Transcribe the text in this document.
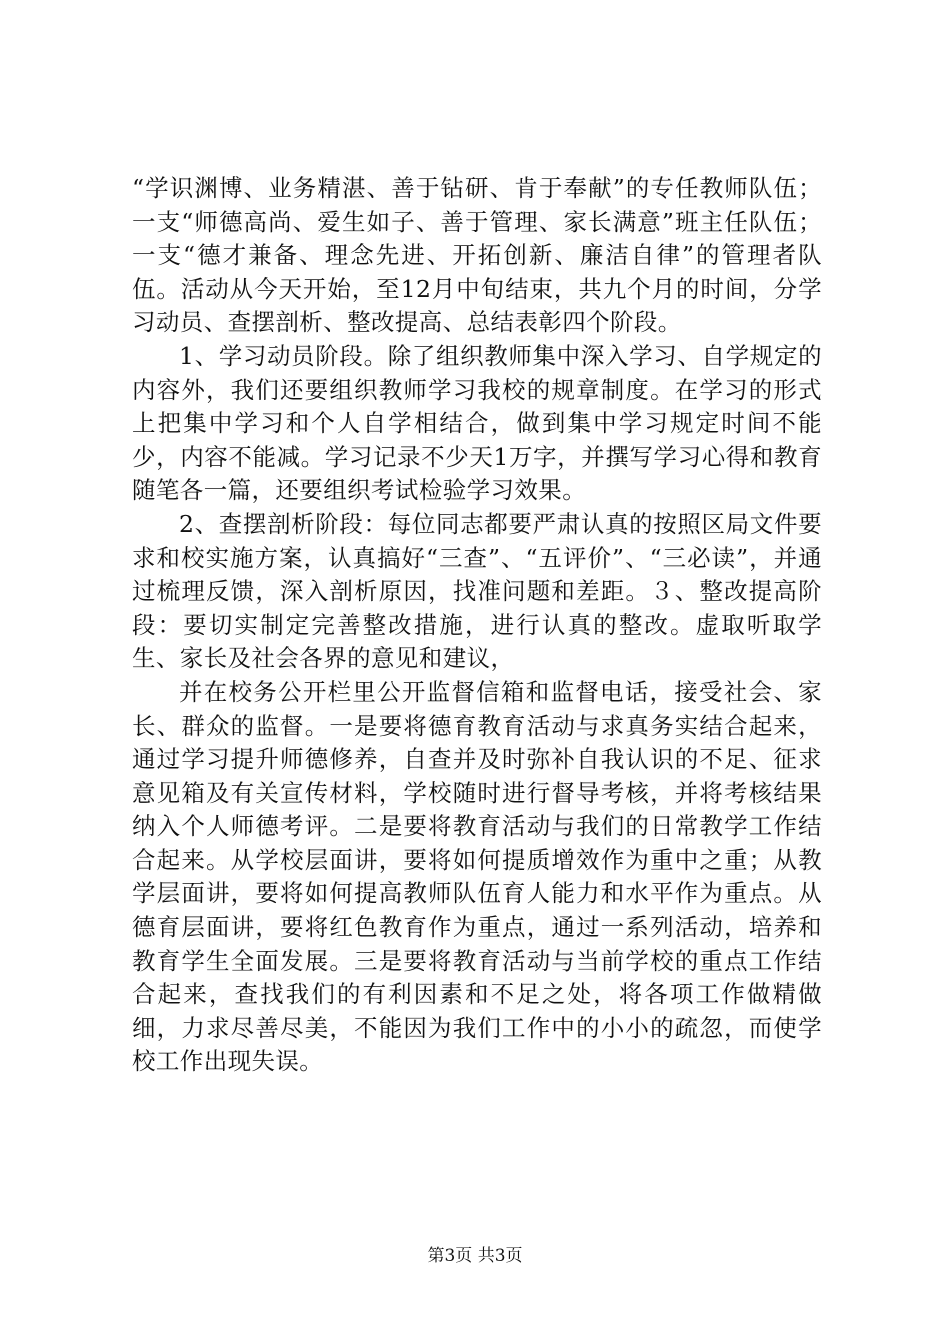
“学识渊博、业务精湛、善于钻研、肯于奉献”的专任教师队伍；一支“师德高尚、爱生如子、善于管理、家长满意”班主任队伍；一支“德才兼备、理念先进、开拓创新、廉洁自律”的管理者队伍。活动从今天开始，至12月中旬结束，共九个月的时间，分学习动员、查摆剖析、整改提高、总结表彰四个阶段。

1、学习动员阶段。除了组织教师集中深入学习、自学规定的内容外，我们还要组织教师学习我校的规章制度。在学习的形式上把集中学习和个人自学相结合，做到集中学习规定时间不能少，内容不能减。学习记录不少天1万字，并撰写学习心得和教育随笔各一篇，还要组织考试检验学习效果。

2、查摆剖析阶段：每位同志都要严肃认真的按照区局文件要求和校实施方案，认真搞好“三查”、“五评价”、“三必读”，并通过梳理反馈，深入剖析原因，找准问题和差距。３、整改提高阶段：要切实制定完善整改措施，进行认真的整改。虚取听取学生、家长及社会各界的意见和建议，

并在校务公开栏里公开监督信箱和监督电话，接受社会、家长、群众的监督。一是要将德育教育活动与求真务实结合起来，通过学习提升师德修养，自查并及时弥补自我认识的不足、征求意见箱及有关宣传材料，学校随时进行督导考核，并将考核结果纳入个人师德考评。二是要将教育活动与我们的日常教学工作结合起来。从学校层面讲，要将如何提质增效作为重中之重；从教学层面讲，要将如何提高教师队伍育人能力和水平作为重点。从德育层面讲，要将红色教育作为重点，通过一系列活动，培养和教育学生全面发展。三是要将教育活动与当前学校的重点工作结合起来，查找我们的有利因素和不足之处，将各项工作做精做细，力求尽善尽美，不能因为我们工作中的小小的疏忽，而使学校工作出现失误。

第3页 共3页
